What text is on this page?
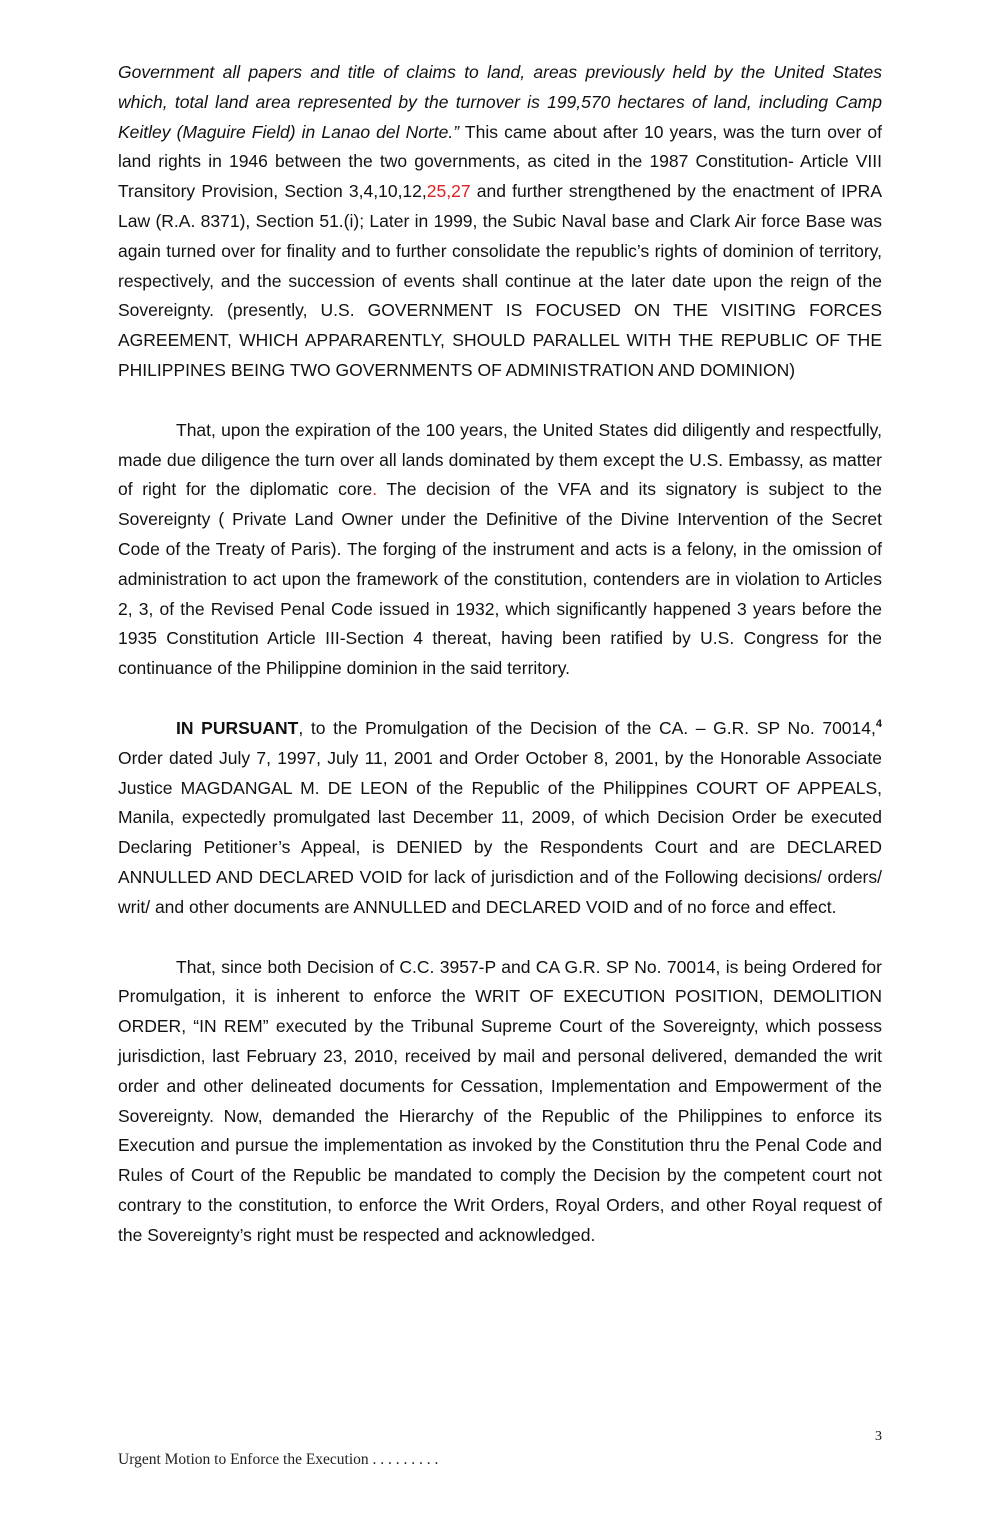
Government all papers and title of claims to land, areas previously held by the United States which, total land area represented by the turnover is 199,570 hectares of land, including Camp Keitley (Maguire Field) in Lanao del Norte.” This came about after 10 years, was the turn over of land rights in 1946 between the two governments, as cited in the 1987 Constitution- Article VIII Transitory Provision, Section 3,4,10,12,25,27 and further strengthened by the enactment of IPRA Law (R.A. 8371), Section 51.(i); Later in 1999, the Subic Naval base and Clark Air force Base was again turned over for finality and to further consolidate the republic’s rights of dominion of territory, respectively, and the succession of events shall continue at the later date upon the reign of the Sovereignty. (presently, U.S. GOVERNMENT IS FOCUSED ON THE VISITING FORCES AGREEMENT, WHICH APPARARENTLY, SHOULD PARALLEL WITH THE REPUBLIC OF THE PHILIPPINES BEING TWO GOVERNMENTS OF ADMINISTRATION AND DOMINION)

That, upon the expiration of the 100 years, the United States did diligently and respectfully, made due diligence the turn over all lands dominated by them except the U.S. Embassy, as matter of right for the diplomatic core. The decision of the VFA and its signatory is subject to the Sovereignty ( Private Land Owner under the Definitive of the Divine Intervention of the Secret Code of the Treaty of Paris). The forging of the instrument and acts is a felony, in the omission of administration to act upon the framework of the constitution, contenders are in violation to Articles 2, 3, of the Revised Penal Code issued in 1932, which significantly happened 3 years before the 1935 Constitution Article III-Section 4 thereat, having been ratified by U.S. Congress for the continuance of the Philippine dominion in the said territory.

IN PURSUANT, to the Promulgation of the Decision of the CA. – G.R. SP No. 70014,$^4$ Order dated July 7, 1997, July 11, 2001 and Order October 8, 2001, by the Honorable Associate Justice MAGDANGAL M. DE LEON of the Republic of the Philippines COURT OF APPEALS, Manila, expectedly promulgated last December 11, 2009, of which Decision Order be executed Declaring Petitioner’s Appeal, is DENIED by the Respondents Court and are DECLARED ANNULLED AND DECLARED VOID for lack of jurisdiction and of the Following decisions/ orders/ writ/ and other documents are ANNULLED and DECLARED VOID and of no force and effect.

That, since both Decision of C.C. 3957-P and CA G.R. SP No. 70014, is being Ordered for Promulgation, it is inherent to enforce the WRIT OF EXECUTION POSITION, DEMOLITION ORDER, “IN REM” executed by the Tribunal Supreme Court of the Sovereignty, which possess jurisdiction, last February 23, 2010, received by mail and personal delivered, demanded the writ order and other delineated documents for Cessation, Implementation and Empowerment of the Sovereignty. Now, demanded the Hierarchy of the Republic of the Philippines to enforce its Execution and pursue the implementation as invoked by the Constitution thru the Penal Code and Rules of Court of the Republic be mandated to comply the Decision by the competent court not contrary to the constitution, to enforce the Writ Orders, Royal Orders, and other Royal request of the Sovereignty’s right must be respected and acknowledged.

3
Urgent Motion to Enforce the Execution . . . . . . . . .
